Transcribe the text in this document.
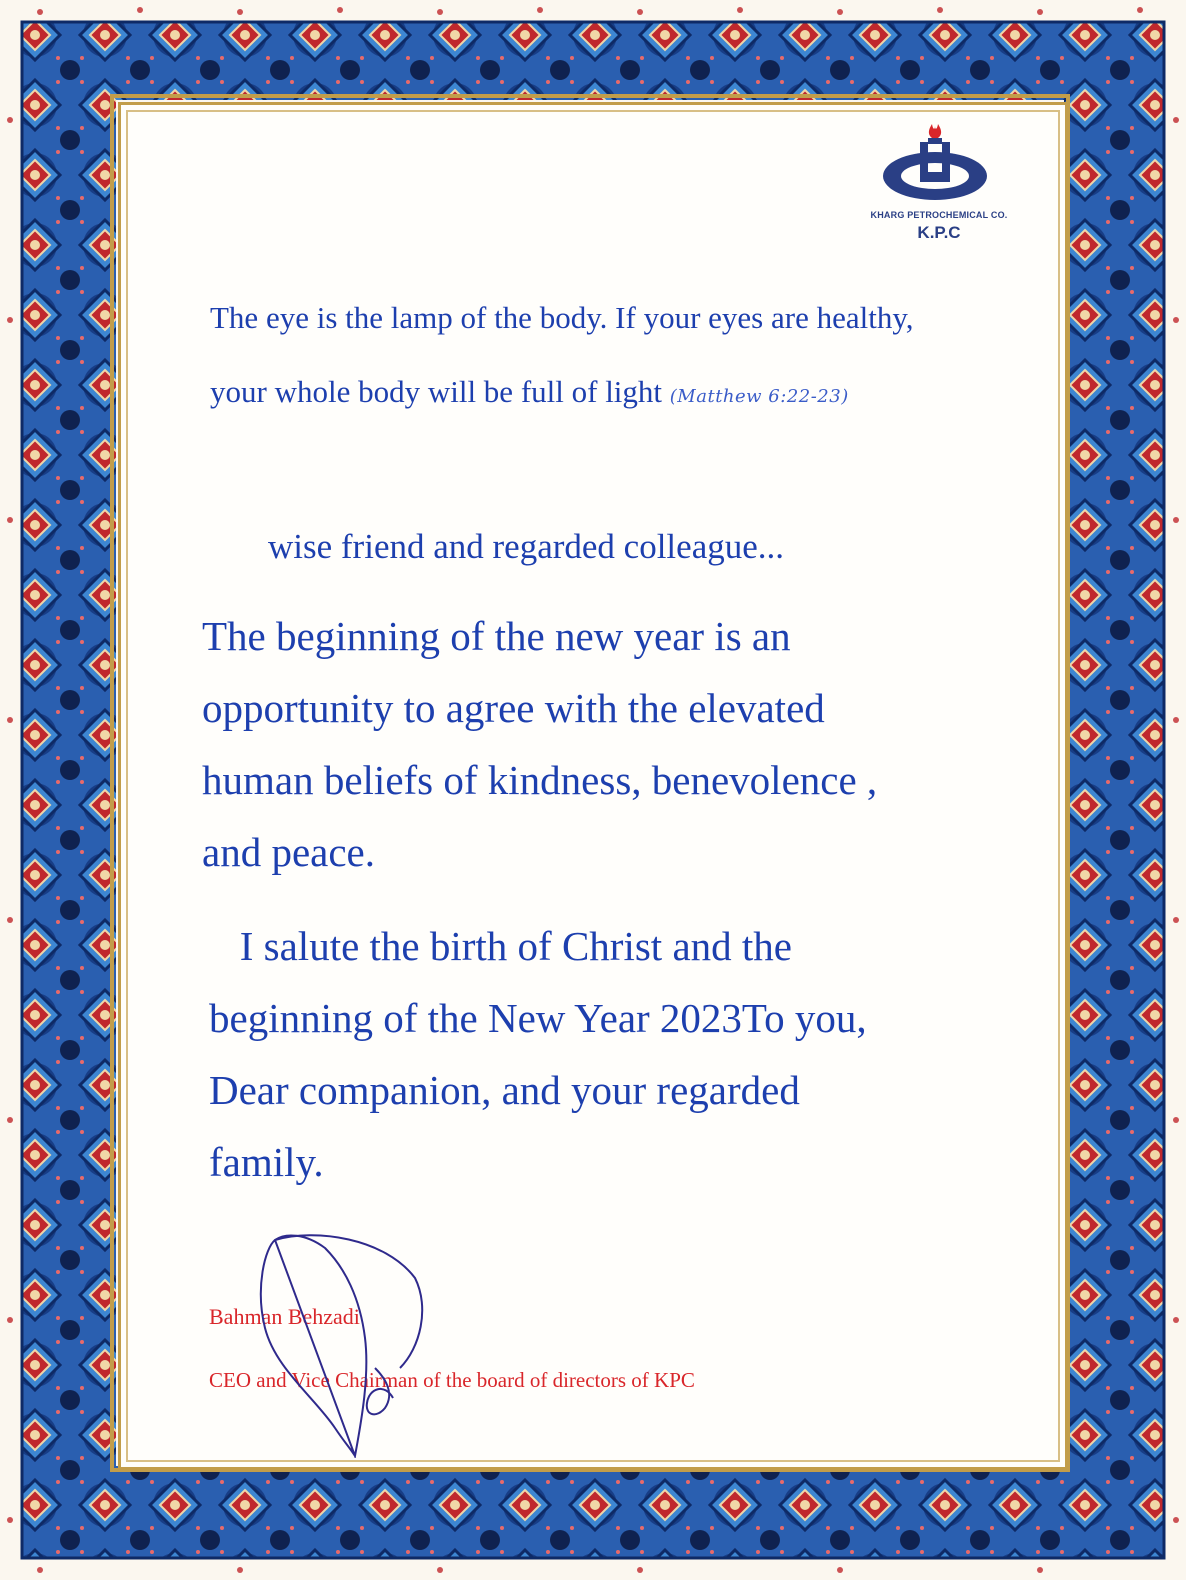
KHARG PETROCHEMICAL CO.
K.P.C
The eye is the lamp of the body. If your eyes are healthy,
your whole body will be full of light (Matthew 6:22-23)
wise friend and regarded colleague...
The beginning of the new year is an
opportunity to agree with the elevated
human beliefs of kindness, benevolence ,
and peace.
I salute the birth of Christ and the
beginning of the New Year 2023To you,
Dear companion, and your regarded
family.
Bahman Behzadi
CEO and Vice Chairman of the board of directors of KPC
